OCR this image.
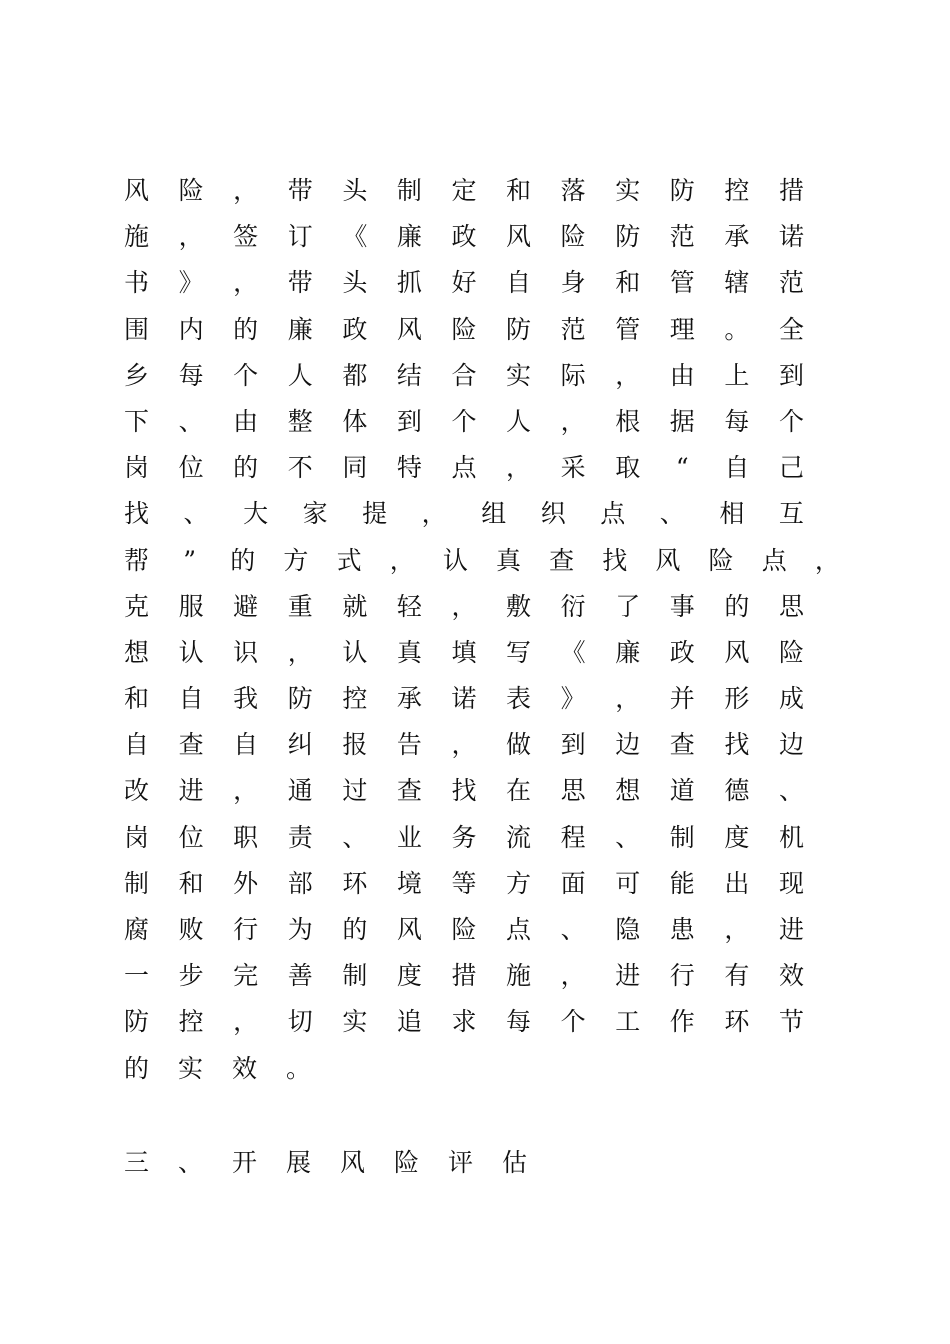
风 险 ， 带 头 制 定 和 落 实 防 控 措
施 ， 签 订 《 廉 政 风 险 防 范 承 诺
书 》 ， 带 头 抓 好 自 身 和 管 辖 范
围 内 的 廉 政 风 险 防 范 管 理 。 全
乡 每 个 人 都 结 合 实 际 ， 由 上 到
下 、 由 整 体 到 个 人 ， 根 据 每 个
岗 位 的 不 同 特 点 ， 采 取 “ 自 己
找 、 大 家 提 ， 组 织 点 、 相 互
帮 ” 的 方 式 ， 认 真 查 找 风 险 点 ，
克 服 避 重 就 轻 ， 敷 衍 了 事 的 思
想 认 识 ， 认 真 填 写 《 廉 政 风 险
和 自 我 防 控 承 诺 表 》 ， 并 形 成
自 查 自 纠 报 告 ， 做 到 边 查 找 边
改 进 ， 通 过 查 找 在 思 想 道 德 、
岗 位 职 责 、 业 务 流 程 、 制 度 机
制 和 外 部 环 境 等 方 面 可 能 出 现
腐 败 行 为 的 风 险 点 、 隐 患 ， 进
一 步 完 善 制 度 措 施 ， 进 行 有 效
防 控 ， 切 实 追 求 每 个 工 作 环 节
的 实 效 。
三 、 开 展 风 险 评 估
